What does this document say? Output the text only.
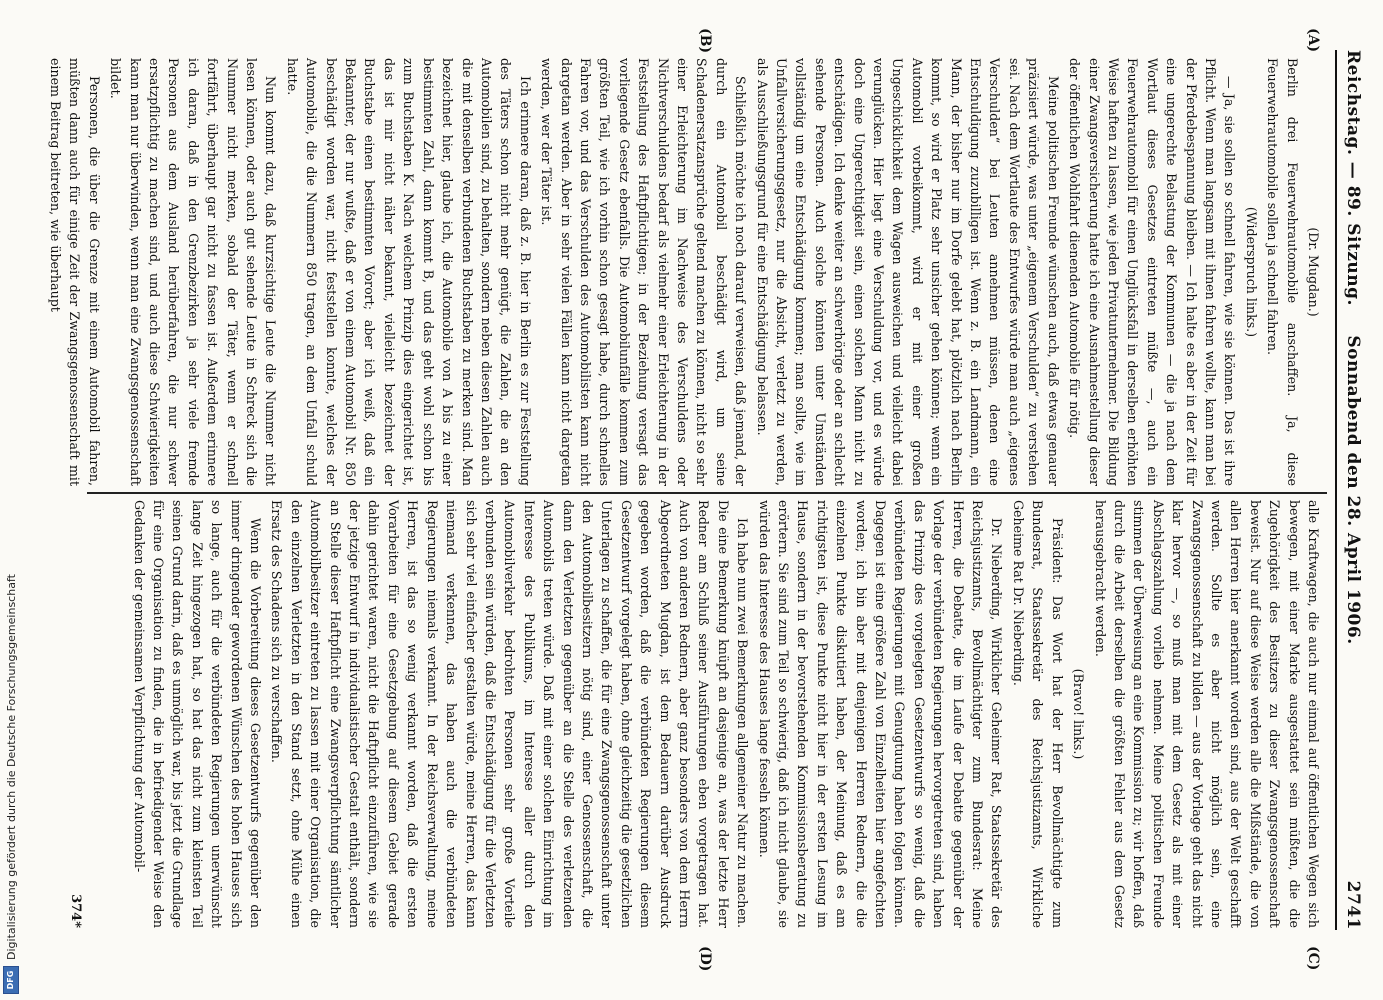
Reichstag. — 89. Sitzung.
Sonnabend den 28. April 1906.
2741
(A)
(B)
(C)
(D)

(Dr. Mugdan.)

Berlin drei Feuerwehrautomobile anschaffen. Ja, diese Feuerwehrautomobile sollen ja schnell fahren.

(Widerspruch links.)

— Ja, sie sollen so schnell fahren, wie sie können. Das ist ihre Pflicht. Wenn man langsam mit ihnen fahren wollte, kann man bei der Pferdebespannung bleiben. — Ich halte es aber in der Zeit für eine ungerechte Belastung der Kommunen — die ja nach dem Wortlaut dieses Gesetzes eintreten müßte —, auch ein Feuerwehrautomobil für einen Unglücksfall in derselben erhöhten Weise haften zu lassen, wie jeden Privatunternehmer. Die Bildung einer Zwangsversicherung hatte ich eine Ausnahmestellung dieser der öffentlichen Wohlfahrt dienenden Automobile für nötig.

Meine politischen Freunde wünschen auch, daß etwas genauer präzisiert würde, was unter „eigenem Verschulden“ zu verstehen sei. Nach dem Wortlaute des Entwurfes würde man auch „eigenes Verschulden“ bei Leuten annehmen müssen, denen eine Entschuldigung zuzubilligen ist. Wenn z. B. ein Landmann, ein Mann, der bisher nur im Dorfe gelebt hat, plötzlich nach Berlin kommt, so wird er Platz sehr unsicher gehen können; wenn ein Automobil vorbeikommt, wird er mit einer großen Ungeschicklichkeit dem Wagen ausweichen und vielleicht dabei verunglücken. Hier liegt eine Verschuldung vor, und es würde doch eine Ungerechtigkeit sein, einen solchen Mann nicht zu entschädigen. Ich denke weiter an schwerhörige oder an schlecht sehende Personen. Auch solche könnten unter Umständen vollständig um eine Entschädigung kommen; man sollte, wie im Unfallversicherungsgesetz, nur die Absicht, verletzt zu werden, als Ausschließungsgrund für eine Entschädigung belassen.

Schließlich möchte ich noch darauf verweisen, daß jemand, der durch ein Automobil beschädigt wird, um seine Schadenersatzansprüche geltend machen zu können, nicht so sehr einer Erleichterung im Nachweise des Verschuldens oder Nichtverschuldens bedarf als vielmehr einer Erleichterung in der Feststellung des Haftpflichtigen; in der Beziehung versagt das vorliegende Gesetz ebenfalls. Die Automobilunfälle kommen zum größten Teil, wie ich vorhin schon gesagt habe, durch schnelles Fahren vor, und das Verschulden des Automobilisten kann nicht dargetan werden. Aber in sehr vielen Fällen kann nicht dargetan werden, wer der Täter ist.

Ich erinnere daran, daß z. B. hier in Berlin es zur Feststellung des Täters schon nicht mehr genügt, die Zahlen, die an den Automobilen sind, zu behalten, sondern neben diesen Zahlen auch die mit denselben verbundenen Buchstaben zu merken sind. Man bezeichnet hier, glaube ich, die Automobile von A bis zu einer bestimmten Zahl, dann kommt B, und das geht wohl schon bis zum Buchstaben K. Nach welchem Prinzip dies eingerichtet ist, das ist mir nicht näher bekannt, vielleicht bezeichnet der Buchstabe einen bestimmten Vorort; aber ich weiß, daß ein Bekannter, der nur wußte, daß er von einem Automobil Nr. 850 beschädigt worden war, nicht feststellen konnte, welches der Automobile, die die Nummern 850 tragen, an dem Unfall schuld hatte.

Nun kommt dazu, daß kurzsichtige Leute die Nummer nicht lesen können, oder auch gut sehende Leute in Schreck sich die Nummer nicht merken, sobald der Täter, wenn er schnell fortfährt, überhaupt gar nicht zu fassen ist. Außerdem erinnere ich daran, daß in den Grenzbezirken ja sehr viele fremde Personen aus dem Ausland herüberfahren, die nur schwer ersatzpflichtig zu machen sind, und auch diese Schwierigkeiten kann man nur überwinden, wenn man eine Zwangsgenossenschaft bildet.

Personen, die über die Grenze mit einem Automobil fahren, müßten dann auch für einige Zeit der Zwangsgenossenschaft mit einem Beitrag beitreten, wie überhaupt

alle Kraftwagen, die auch nur einmal auf öffentlichen Wegen sich bewegen, mit einer Marke ausgestattet sein müßten, die die Zugehörigkeit des Besitzers zu dieser Zwangsgenossenschaft beweist. Nur auf diese Weise werden alle die Mißstände, die von allen Herren hier anerkannt worden sind, aus der Welt geschafft werden. Sollte es aber nicht möglich sein, eine Zwangsgenossenschaft zu bilden — aus der Vorlage geht das nicht klar hervor —, so muß man mit dem Gesetz als mit einer Abschlagszahlung vorlieb nehmen. Meine politischen Freunde stimmen der Überweisung an eine Kommission zu; wir hoffen, daß durch die Arbeit derselben die größten Fehler aus dem Gesetz herausgebracht werden.

(Bravo! links.)

Präsident: Das Wort hat der Herr Bevollmächtigte zum Bundesrat, Staatssekretär des Reichsjustizamts, Wirkliche Geheime Rat Dr. Nieberding.

Dr. Nieberding, Wirklicher Geheimer Rat, Staatssekretär des Reichsjustizamts, Bevollmächtigter zum Bundesrat: Meine Herren, die Debatte, die im Laufe der Debatte gegenüber der Vorlage der verbündeten Regierungen hervorgetreten sind, haben das Prinzip des vorgelegten Gesetzentwurfs so wenig, daß die verbündeten Regierungen mit Genugtuung haben folgen können. Dagegen ist eine größere Zahl von Einzelheiten hier angefochten worden; ich bin aber mit denjenigen Herren Rednern, die die einzelnen Punkte diskutiert haben, der Meinung, daß es am richtigsten ist, diese Punkte nicht hier in der ersten Lesung im Hause, sondern in der bevorstehenden Kommissionsberatung zu erörtern. Sie sind zum Teil so schwierig, daß ich nicht glaube, sie würden das Interesse des Hauses lange fesseln können.

Ich habe nun zwei Bemerkungen allgemeiner Natur zu machen. Die eine Bemerkung knüpft an dasjenige an, was der letzte Herr Redner am Schluß seiner Ausführungen eben vorgetragen hat. Auch von anderen Rednern, aber ganz besonders von dem Herrn Abgeordneten Mugdan, ist dem Bedauern darüber Ausdruck gegeben worden, daß die verbündeten Regierungen diesem Gesetzentwurf vorgelegt haben, ohne gleichzeitig die gesetzlichen Unterlagen zu schaffen, die für eine Zwangsgenossenschaft unter den Automobilbesitzern nötig sind, einer Genossenschaft, die dann den Verletzten gegenüber an die Stelle des verletzenden Automobils treten würde. Daß mit einer solchen Einrichtung im Interesse des Publikums, im Interesse aller durch den Automobilverkehr bedrohten Personen sehr große Vorteile verbunden sein würden, daß die Entschädigung für die Verletzten sich sehr viel einfacher gestalten würde, meine Herren, das kann niemand verkennen, das haben auch die verbündeten Regierungen niemals verkannt. In der Reichsverwaltung, meine Herren, ist das so wenig verkannt worden, daß die ersten Vorarbeiten für eine Gesetzgebung auf diesem Gebiet gerade dahin gerichtet waren, nicht die Haftpflicht einzuführen, wie sie der jetzige Entwurf in individualistischer Gestalt enthält, sondern an Stelle dieser Haftpflicht eine Zwangsverpflichtung sämtlicher Automobilbesitzer eintreten zu lassen mit einer Organisation, die den einzelnen Verletzten in den Stand setzt, ohne Mühe einen Ersatz des Schadens sich zu verschaffen.

Wenn die Vorbereitung dieses Gesetzentwurfs gegenüber den immer dringender gewordenen Wünschen des hohen Hauses sich so lange, auch für die verbündeten Regierungen unerwünscht lange Zeit hingezogen hat, so hat das nicht zum kleinsten Teil seinen Grund darin, daß es unmöglich war, bis jetzt die Grundlage für eine Organisation zu finden, die in befriedigender Weise den Gedanken der gemeinsamen Verpflichtung der Automobil-

374*
DFG
Digitalisierung gefördert durch die Deutsche Forschungsgemeinschaft
